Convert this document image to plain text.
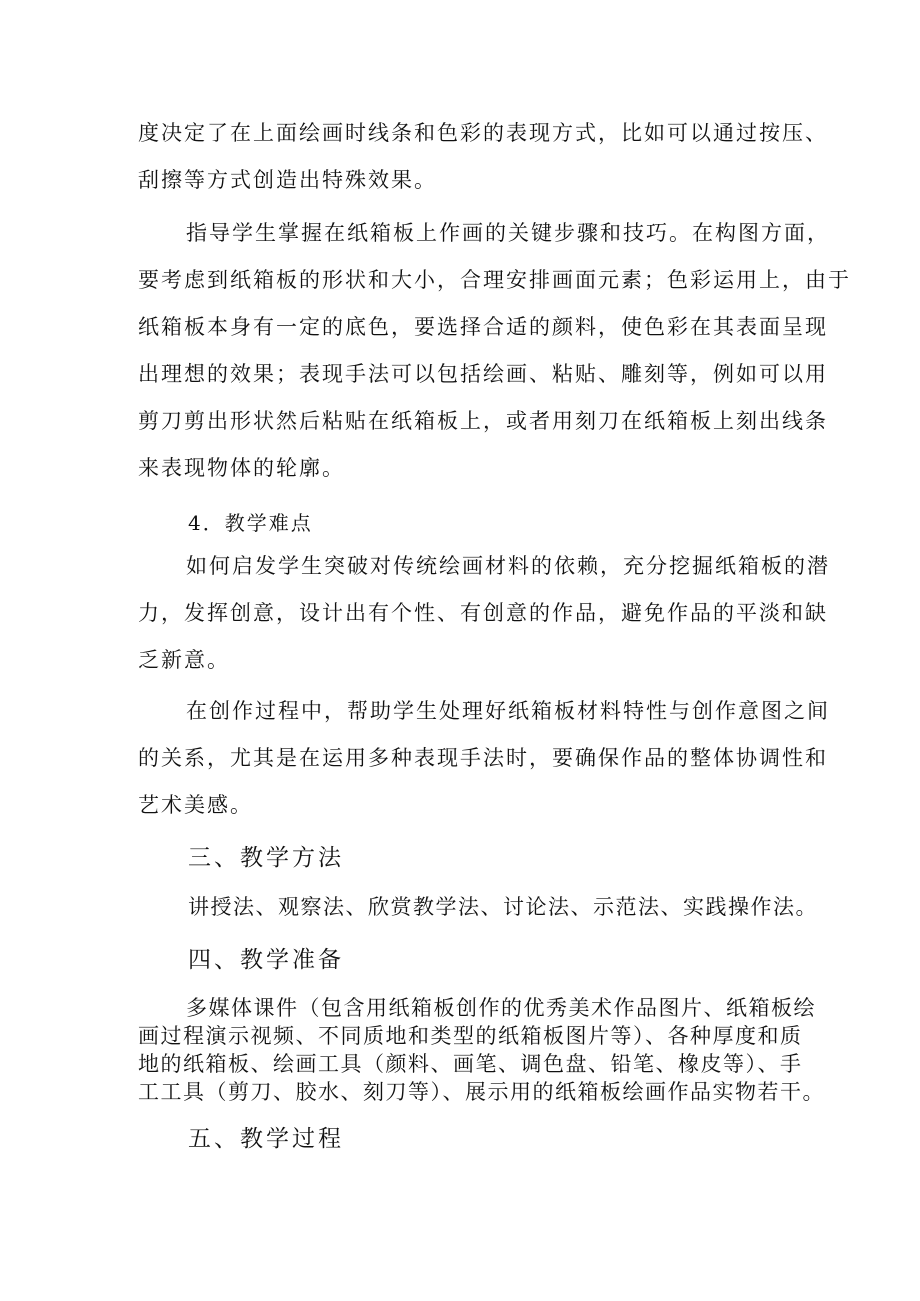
度决定了在上面绘画时线条和色彩的表现方式，比如可以通过按压、
刮擦等方式创造出特殊效果。
指导学生掌握在纸箱板上作画的关键步骤和技巧。在构图方面，
要考虑到纸箱板的形状和大小，合理安排画面元素；色彩运用上，由于
纸箱板本身有一定的底色，要选择合适的颜料，使色彩在其表面呈现
出理想的效果；表现手法可以包括绘画、粘贴、雕刻等，例如可以用
剪刀剪出形状然后粘贴在纸箱板上，或者用刻刀在纸箱板上刻出线条
来表现物体的轮廓。
4．教学难点
如何启发学生突破对传统绘画材料的依赖，充分挖掘纸箱板的潜
力，发挥创意，设计出有个性、有创意的作品，避免作品的平淡和缺
乏新意。
在创作过程中，帮助学生处理好纸箱板材料特性与创作意图之间
的关系，尤其是在运用多种表现手法时，要确保作品的整体协调性和
艺术美感。
三、教学方法
讲授法、观察法、欣赏教学法、讨论法、示范法、实践操作法。
四、教学准备
多媒体课件（包含用纸箱板创作的优秀美术作品图片、纸箱板绘
画过程演示视频、不同质地和类型的纸箱板图片等）、各种厚度和质
地的纸箱板、绘画工具（颜料、画笔、调色盘、铅笔、橡皮等）、手
工工具（剪刀、胶水、刻刀等）、展示用的纸箱板绘画作品实物若干。
五、教学过程
